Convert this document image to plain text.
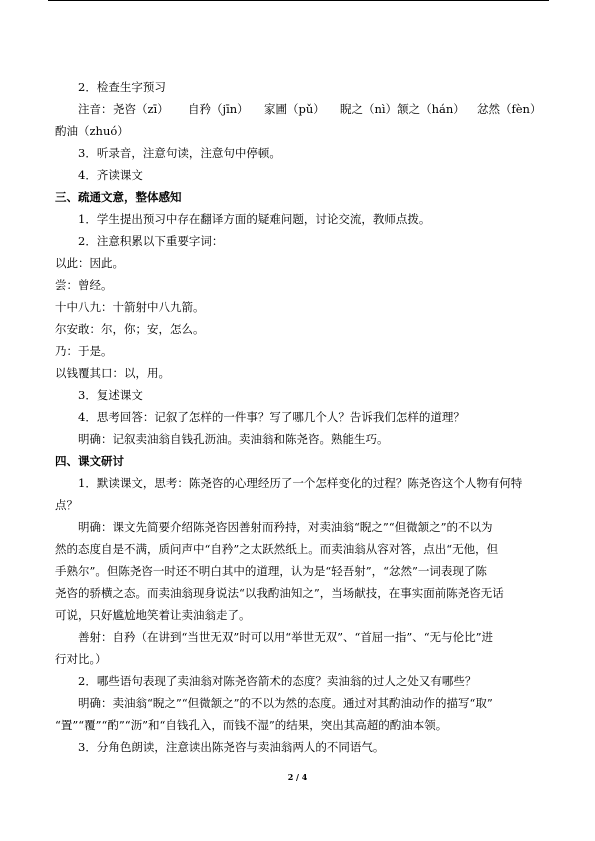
2．检查生字预习
注音： 尧咨（zī） 自矜（jīn） 家圃（pǔ） 睨之（nì）颔之（hán） 忿然（fèn）
酌油（zhuó）
3．听录音，注意句读，注意句中停顿。
4．齐读课文
三、疏通文意，整体感知
1．学生提出预习中存在翻译方面的疑难问题，讨论交流，教师点拨。
2．注意积累以下重要字词：
以此：因此。
尝：曾经。
十中八九：十箭射中八九箭。
尔安敢：尔，你；安，怎么。
乃：于是。
以钱覆其口：以，用。
3．复述课文
4．思考回答：记叙了怎样的一件事？写了哪几个人？告诉我们怎样的道理？
明确：记叙卖油翁自钱孔沥油。卖油翁和陈尧咨。熟能生巧。
四、课文研讨
1．默读课文，思考：陈尧咨的心理经历了一个怎样变化的过程？陈尧咨这个人物有何特
点？
明确：课文先简要介绍陈尧咨因善射而矜持，对卖油翁“睨之”“但微颔之”的不以为
然的态度自是不满，质问声中“自矜”之太跃然纸上。而卖油翁从容对答，点出“无他，但
手熟尔”。但陈尧咨一时还不明白其中的道理，认为是“轻吾射”，“忿然”一词表现了陈
尧咨的骄横之态。而卖油翁现身说法“以我酌油知之”，当场献技，在事实面前陈尧咨无话
可说，只好尴尬地笑着让卖油翁走了。
善射：自矜（在讲到“当世无双”时可以用“举世无双”、“首屈一指”、“无与伦比”进
行对比。）
2．哪些语句表现了卖油翁对陈尧咨箭术的态度？卖油翁的过人之处又有哪些？
明确：卖油翁“睨之”“但微颔之”的不以为然的态度。通过对其酌油动作的描写“取”
“置”“覆”“酌”“沥”和“自钱孔入，而钱不湿”的结果，突出其高超的酌油本领。
3．分角色朗读，注意读出陈尧咨与卖油翁两人的不同语气。
2 / 4
